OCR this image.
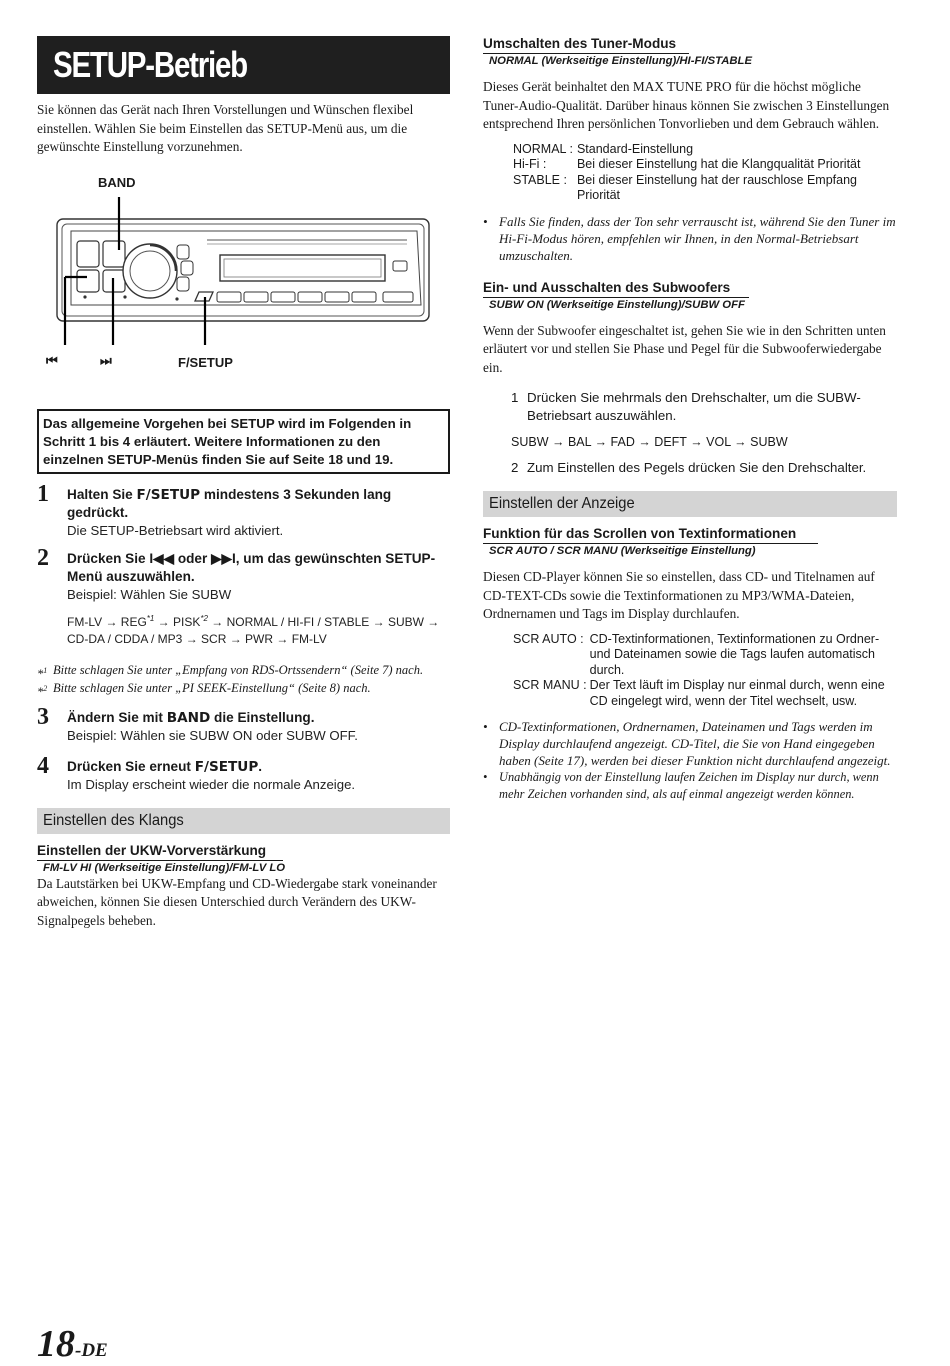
SETUP-Betrieb

Sie können das Gerät nach Ihren Vorstellungen und Wünschen flexibel einstellen. Wählen Sie beim Einstellen das SETUP-Menü aus, um die gewünschte Einstellung vorzunehmen.

BAND
⏮	⏭	F/SETUP
Das allgemeine Vorgehen bei SETUP wird im Folgenden in Schritt 1 bis 4 erläutert. Weitere Informationen zu den einzelnen SETUP-Menüs finden Sie auf Seite 18 und 19.
1 Halten Sie F/SETUP mindestens 3 Sekunden lang gedrückt.
Die SETUP-Betriebsart wird aktiviert.
2 Drücken Sie I◀◀ oder ▶▶I, um das gewünschten SETUP-Menü auszuwählen.
Beispiel: Wählen Sie SUBW
$FM-LV \to REG^{*1}$ → $PISK^{*2}$ → NORMAL / HI-FI / STABLE → SUBW → CD-DA / CDDA / MP3 → SCR → PWR → FM-LV
*$^1$ Bitte schlagen Sie unter „Empfang von RDS-Ortssendern“ (Seite 7) nach.
*$^2$ Bitte schlagen Sie unter „PI SEEK-Einstellung“ (Seite 8) nach.
3 Ändern Sie mit BAND die Einstellung.
Beispiel: Wählen sie SUBW ON oder SUBW OFF.
4 Drücken Sie erneut F/SETUP.
Im Display erscheint wieder die normale Anzeige.
Einstellen des Klangs

Einstellen der UKW-Vorverstärkung

FM-LV HI (Werkseitige Einstellung)/FM-LV LO

Da Lautstärken bei UKW-Empfang und CD-Wiedergabe stark voneinander abweichen, können Sie diesen Unterschied durch Verändern des UKW-Signalpegels beheben.

Umschalten des Tuner-Modus

NORMAL (Werkseitige Einstellung)/HI-FI/STABLE

Dieses Gerät beinhaltet den MAX TUNE PRO für die höchst mögliche Tuner-Audio-Qualität. Darüber hinaus können Sie zwischen 3 Einstellungen entsprechend Ihren persönlichen Tonvorlieben und dem Gebrauch wählen.

NORMAL :	Standard-Einstellung
Hi-Fi :	Bei dieser Einstellung hat die Klangqualität Priorität
STABLE :	Bei dieser Einstellung hat der rauschlose Empfang Priorität
• Falls Sie finden, dass der Ton sehr verrauscht ist, während Sie den Tuner im Hi-Fi-Modus hören, empfehlen wir Ihnen, in den Normal-Betriebsart umzuschalten.

Ein- und Ausschalten des Subwoofers

SUBW ON (Werkseitige Einstellung)/SUBW OFF

Wenn der Subwoofer eingeschaltet ist, gehen Sie wie in den Schritten unten erläutert vor und stellen Sie Phase und Pegel für die Subwooferwiedergabe ein.

1 Drücken Sie mehrmals den Drehschalter, um die SUBW-Betriebsart auszuwählen.
SUBW → BAL → FAD → DEFT → VOL → SUBW
2 Zum Einstellen des Pegels drücken Sie den Drehschalter.
Einstellen der Anzeige

Funktion für das Scrollen von Textinformationen

SCR AUTO / SCR MANU (Werkseitige Einstellung)

Diesen CD-Player können Sie so einstellen, dass CD- und Titelnamen auf CD-TEXT-CDs sowie die Textinformationen zu MP3/WMA-Dateien, Ordnernamen und Tags im Display durchlaufen.

SCR AUTO :	CD-Textinformationen, Textinformationen zu Ordner- und Dateinamen sowie die Tags laufen automatisch durch.
SCR MANU :	Der Text läuft im Display nur einmal durch, wenn eine CD eingelegt wird, wenn der Titel wechselt, usw.
• CD-Textinformationen, Ordnernamen, Dateinamen und Tags werden im Display durchlaufend angezeigt. CD-Titel, die Sie von Hand eingegeben haben (Seite 17), werden bei dieser Funktion nicht durchlaufend angezeigt.
• Unabhängig von der Einstellung laufen Zeichen im Display nur durch, wenn mehr Zeichen vorhanden sind, als auf einmal angezeigt werden können.
18-DE
